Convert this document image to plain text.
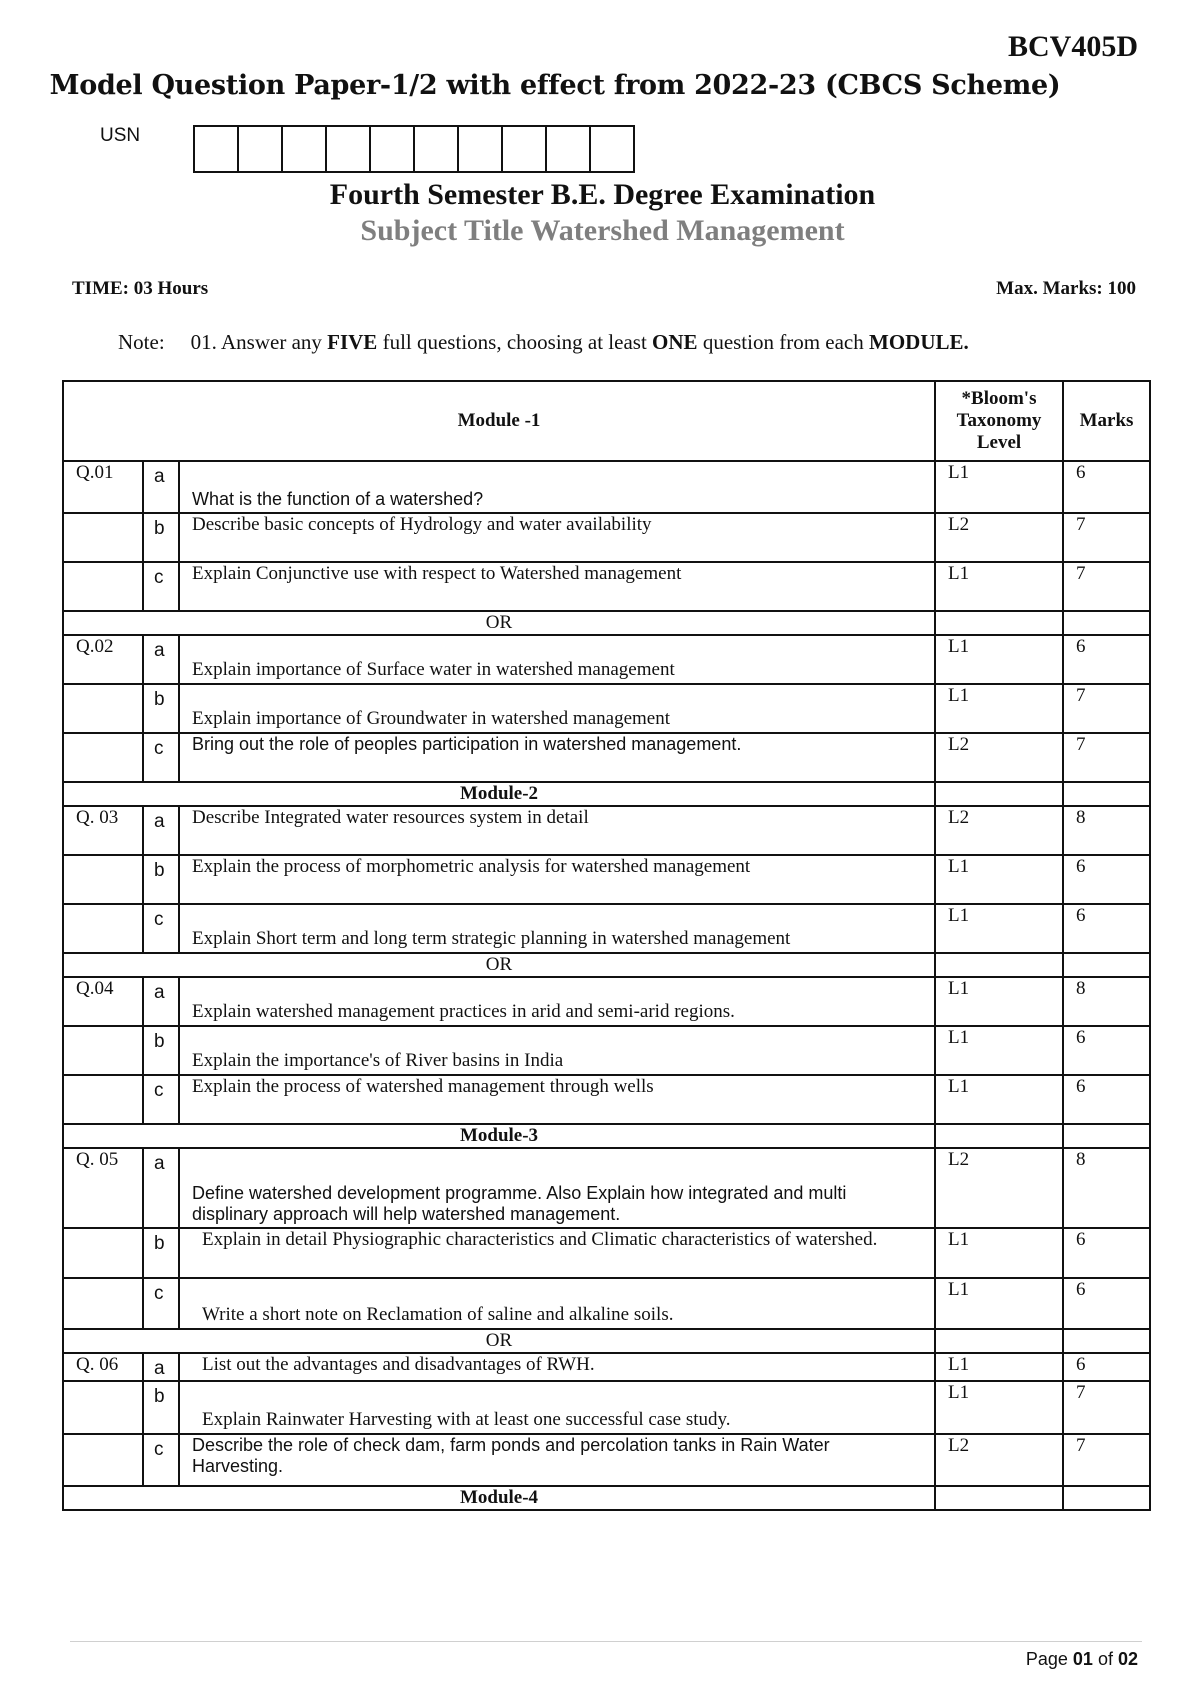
BCV405D
Model Question Paper-1/2 with effect from 2022-23 (CBCS Scheme)
USN
Fourth Semester B.E. Degree Examination
Subject Title Watershed Management
TIME: 03 Hours	Max. Marks: 100
Note: 01. Answer any FIVE full questions, choosing at least ONE question from each MODULE.
Module -1			*Bloom's Taxonomy Level	Marks
Q.01	a	What is the function of a watershed?	L1	6
	b	Describe basic concepts of Hydrology and water availability	L2	7
	c	Explain Conjunctive use with respect to Watershed management	L1	7
OR				
Q.02	a	Explain importance of Surface water in watershed management	L1	6
	b	Explain importance of Groundwater in watershed management	L1	7
	c	Bring out the role of peoples participation in watershed management.	L2	7
Module-2				
Q. 03	a	Describe Integrated water resources system in detail	L2	8
	b	Explain the process of morphometric analysis for watershed management	L1	6
	c	Explain Short term and long term strategic planning in watershed management	L1	6
OR				
Q.04	a	Explain watershed management practices in arid and semi-arid regions.	L1	8
	b	Explain the importance's of River basins in India	L1	6
	c	Explain the process of watershed management through wells	L1	6
Module-3				
Q. 05	a	Define watershed development programme. Also Explain how integrated and multi displinary approach will help watershed management.	L2	8
	b	Explain in detail Physiographic characteristics and Climatic characteristics of watershed.	L1	6
	c	Write a short note on Reclamation of saline and alkaline soils.	L1	6
OR				
Q. 06	a	List out the advantages and disadvantages of RWH.	L1	6
	b	Explain Rainwater Harvesting with at least one successful case study.	L1	7
	c	Describe the role of check dam, farm ponds and percolation tanks in Rain Water Harvesting.	L2	7
Module-4				
Page 01 of 02
